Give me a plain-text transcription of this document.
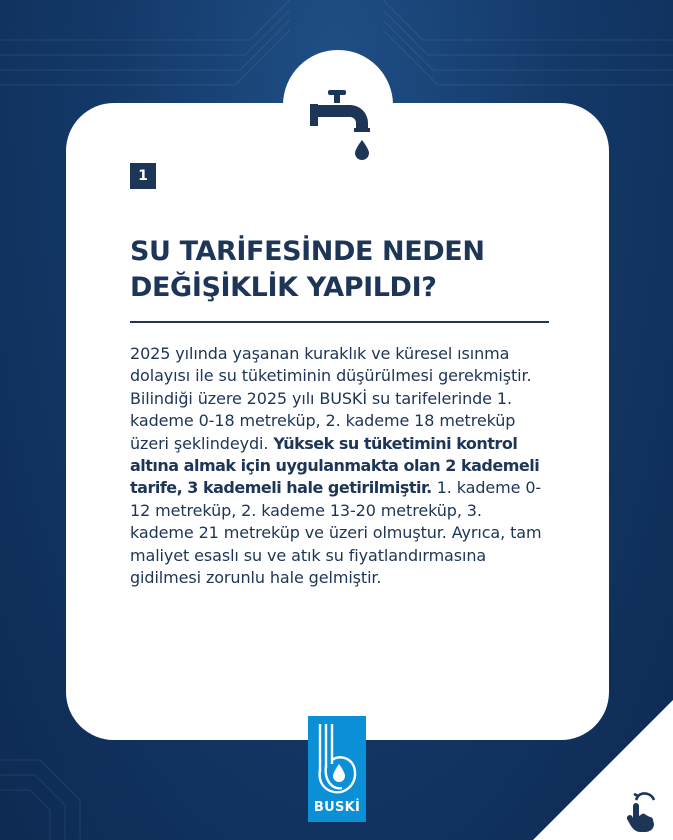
1
SU TARİFESİNDE NEDEN DEĞİŞİKLİK YAPILDI?

2025 yılında yaşanan kuraklık ve küresel ısınma dolayısı ile su tüketiminin düşürülmesi gerekmiştir. Bilindiği üzere 2025 yılı BUSKİ su tarifelerinde 1. kademe 0-18 metreküp, 2. kademe 18 metreküp üzeri şeklindeydi. Yüksek su tüketimini kontrol altına almak için uygulanmakta olan 2 kademeli tarife, 3 kademeli hale getirilmiştir. 1. kademe 0-12 metreküp, 2. kademe 13-20 metreküp, 3. kademe 21 metreküp ve üzeri olmuştur. Ayrıca, tam maliyet esaslı su ve atık su fiyatlandırmasına gidilmesi zorunlu hale gelmiştir.

BUSKİ
